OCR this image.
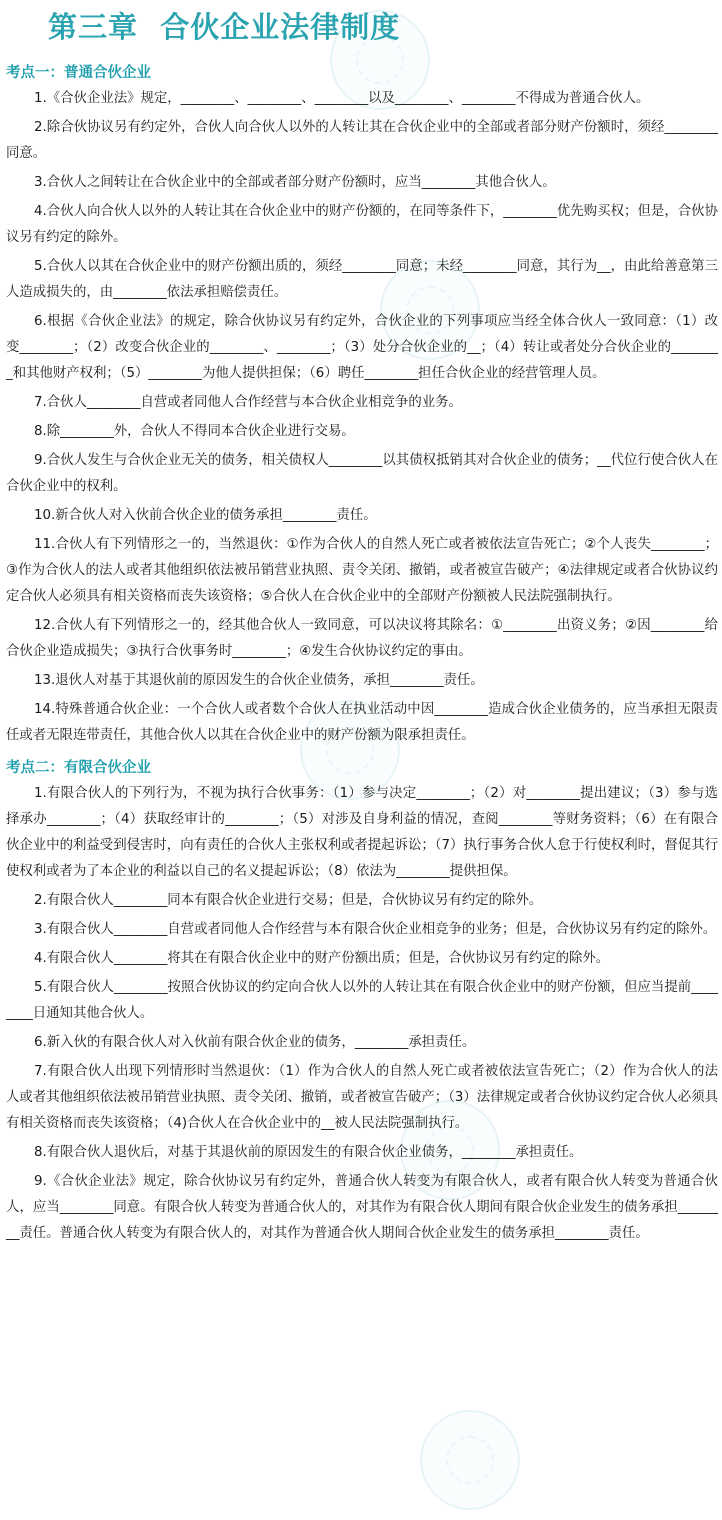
第三章  合伙企业法律制度
考点一：普通合伙企业

1.《合伙企业法》规定，________、________、________以及________、________不得成为普通合伙人。

2.除合伙协议另有约定外，合伙人向合伙人以外的人转让其在合伙企业中的全部或者部分财产份额时，须经________同意。

3.合伙人之间转让在合伙企业中的全部或者部分财产份额时，应当________其他合伙人。

4.合伙人向合伙人以外的人转让其在合伙企业中的财产份额的，在同等条件下，________优先购买权；但是，合伙协议另有约定的除外。

5.合伙人以其在合伙企业中的财产份额出质的，须经________同意；未经________同意，其行为__，由此给善意第三人造成损失的，由________依法承担赔偿责任。

6.根据《合伙企业法》的规定，除合伙协议另有约定外，合伙企业的下列事项应当经全体合伙人一致同意：（1）改变________；（2）改变合伙企业的________、________；（3）处分合伙企业的__；（4）转让或者处分合伙企业的________和其他财产权利；（5）________为他人提供担保；（6）聘任________担任合伙企业的经营管理人员。

7.合伙人________自营或者同他人合作经营与本合伙企业相竞争的业务。

8.除________外，合伙人不得同本合伙企业进行交易。

9.合伙人发生与合伙企业无关的债务，相关债权人________以其债权抵销其对合伙企业的债务；__代位行使合伙人在合伙企业中的权利。

10.新合伙人对入伙前合伙企业的债务承担________责任。

11.合伙人有下列情形之一的，当然退伙：①作为合伙人的自然人死亡或者被依法宣告死亡；②个人丧失________；③作为合伙人的法人或者其他组织依法被吊销营业执照、责令关闭、撤销，或者被宣告破产；④法律规定或者合伙协议约定合伙人必须具有相关资格而丧失该资格；⑤合伙人在合伙企业中的全部财产份额被人民法院强制执行。

12.合伙人有下列情形之一的，经其他合伙人一致同意，可以决议将其除名：①________出资义务；②因________给合伙企业造成损失；③执行合伙事务时________；④发生合伙协议约定的事由。

13.退伙人对基于其退伙前的原因发生的合伙企业债务，承担________责任。

14.特殊普通合伙企业：一个合伙人或者数个合伙人在执业活动中因________造成合伙企业债务的，应当承担无限责任或者无限连带责任，其他合伙人以其在合伙企业中的财产份额为限承担责任。

考点二：有限合伙企业

1.有限合伙人的下列行为，不视为执行合伙事务：（1）参与决定________；（2）对________提出建议；（3）参与选择承办________；（4）获取经审计的________；（5）对涉及自身利益的情况，查阅________等财务资料；（6）在有限合伙企业中的利益受到侵害时，向有责任的合伙人主张权利或者提起诉讼；（7）执行事务合伙人怠于行使权利时，督促其行使权利或者为了本企业的利益以自己的名义提起诉讼；（8）依法为________提供担保。

2.有限合伙人________同本有限合伙企业进行交易；但是，合伙协议另有约定的除外。

3.有限合伙人________自营或者同他人合作经营与本有限合伙企业相竞争的业务；但是，合伙协议另有约定的除外。

4.有限合伙人________将其在有限合伙企业中的财产份额出质；但是，合伙协议另有约定的除外。

5.有限合伙人________按照合伙协议的约定向合伙人以外的人转让其在有限合伙企业中的财产份额，但应当提前________日通知其他合伙人。

6.新入伙的有限合伙人对入伙前有限合伙企业的债务，________承担责任。

7.有限合伙人出现下列情形时当然退伙：（1）作为合伙人的自然人死亡或者被依法宣告死亡；（2）作为合伙人的法人或者其他组织依法被吊销营业执照、责令关闭、撤销，或者被宣告破产；（3）法律规定或者合伙协议约定合伙人必须具有相关资格而丧失该资格；（4)合伙人在合伙企业中的__被人民法院强制执行。

8.有限合伙人退伙后，对基于其退伙前的原因发生的有限合伙企业债务，________承担责任。

9.《合伙企业法》规定，除合伙协议另有约定外，普通合伙人转变为有限合伙人，或者有限合伙人转变为普通合伙人，应当________同意。有限合伙人转变为普通合伙人的，对其作为有限合伙人期间有限合伙企业发生的债务承担________责任。普通合伙人转变为有限合伙人的，对其作为普通合伙人期间合伙企业发生的债务承担________责任。
